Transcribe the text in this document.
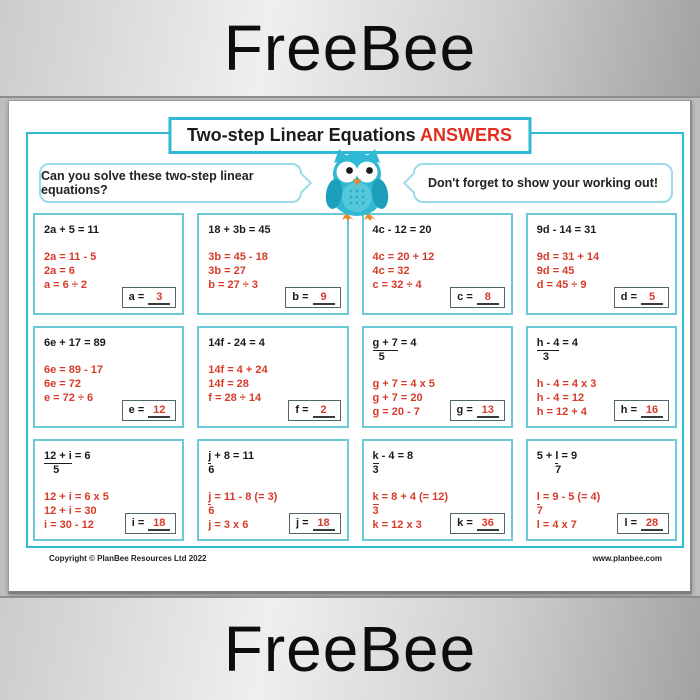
FreeBee
Two-step Linear Equations ANSWERS
Can you solve these two-step linear equations?	Don't forget to show your working out!
2a + 5 = 11
2a = 11 - 5
2a = 6
a = 6 ÷ 2
a =	3
18 + 3b = 45
3b = 45 - 18
3b = 27
b = 27 ÷ 3
b =	9
4c - 12 = 20
4c = 20 + 12
4c = 32
c = 32 ÷ 4
c =	8
9d - 14 = 31
9d = 31 + 14
9d = 45
d = 45 ÷ 9
d =	5
6e + 17 = 89
6e = 89 - 17
6e = 72
e = 72 ÷ 6
e = 12
14f - 24 = 4
14f = 4 + 24
14f = 28
f = 28 ÷ 14
f =	2
g + 7 = 4
5
g + 7 = 4 x 5
g + 7 = 20
g = 20 - 7	g = 13
h - 4 = 4
3
h - 4 = 4 x 3
h - 4 = 12
h = 12 + 4	h = 16
12 + i = 6
5
12 + i = 6 x 5
12 + i = 30
i = 30 - 12	i = 18
j + 8 = 11
6
j = 11 - 8 (= 3)
6
j = 3 x 6	j = 18
k - 4 = 8
3
k = 8 + 4 (= 12)
3
k = 12 x 3	k = 36
5 + l = 9
7
l = 9 - 5 (= 4)
7
l = 4 x 7	l = 28
Copyright © PlanBee Resources Ltd 2022	www.planbee.com
FreeBee
